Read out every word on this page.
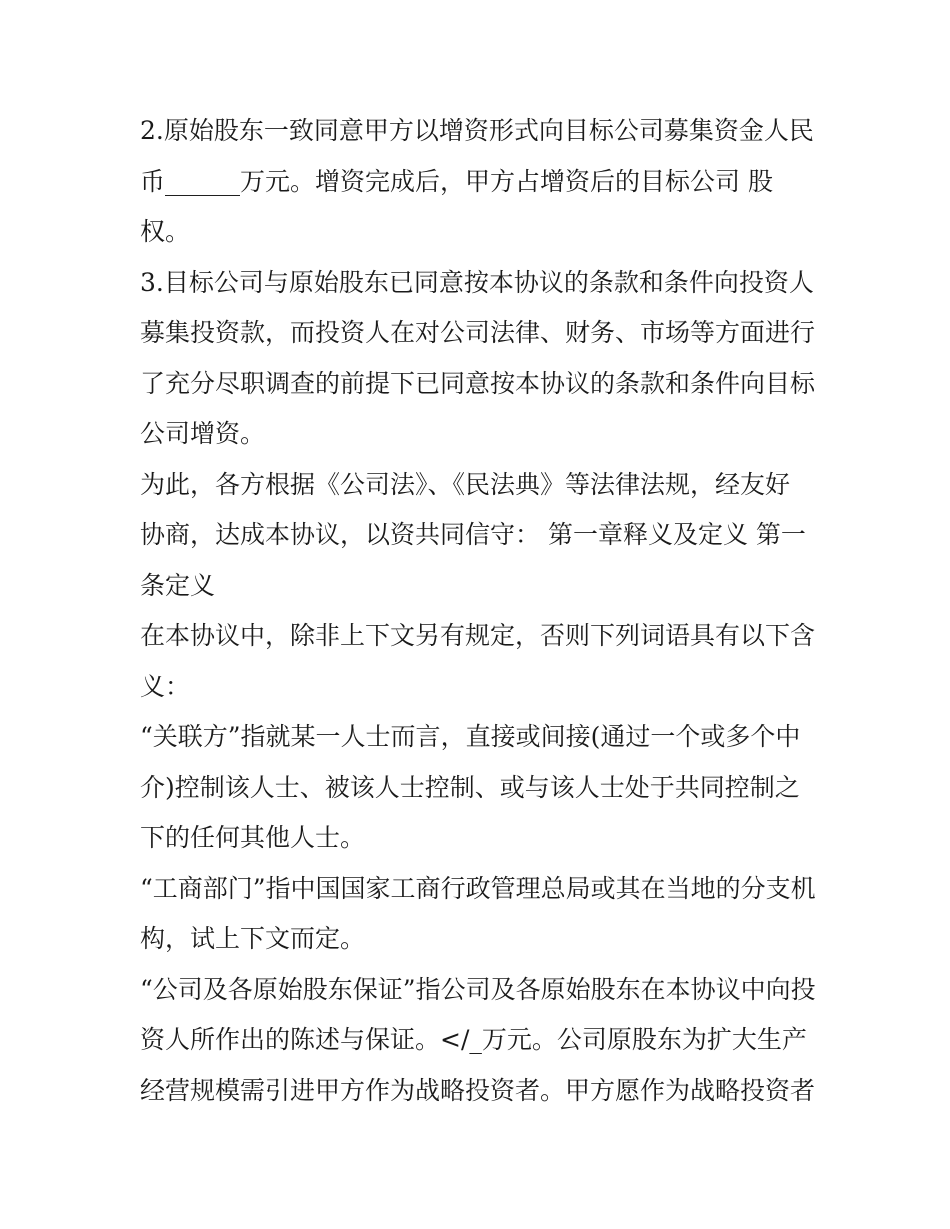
2.原始股东一致同意甲方以增资形式向目标公司募集资金人民
币______万元。增资完成后，甲方占增资后的目标公司 股
权。
3.目标公司与原始股东已同意按本协议的条款和条件向投资人
募集投资款，而投资人在对公司法律、财务、市场等方面进行
了充分尽职调查的前提下已同意按本协议的条款和条件向目标
公司增资。
为此，各方根据《公司法》、《民法典》等法律法规，经友好
协商，达成本协议，以资共同信守： 第一章释义及定义 第一
条定义
在本协议中，除非上下文另有规定，否则下列词语具有以下含
义：
“关联方”指就某一人士而言，直接或间接(通过一个或多个中
介)控制该人士、被该人士控制、或与该人士处于共同控制之
下的任何其他人士。
“工商部门”指中国国家工商行政管理总局或其在当地的分支机
构，试上下文而定。
“公司及各原始股东保证”指公司及各原始股东在本协议中向投
资人所作出的陈述与保证。</_万元。公司原股东为扩大生产
经营规模需引进甲方作为战略投资者。甲方愿作为战略投资者
